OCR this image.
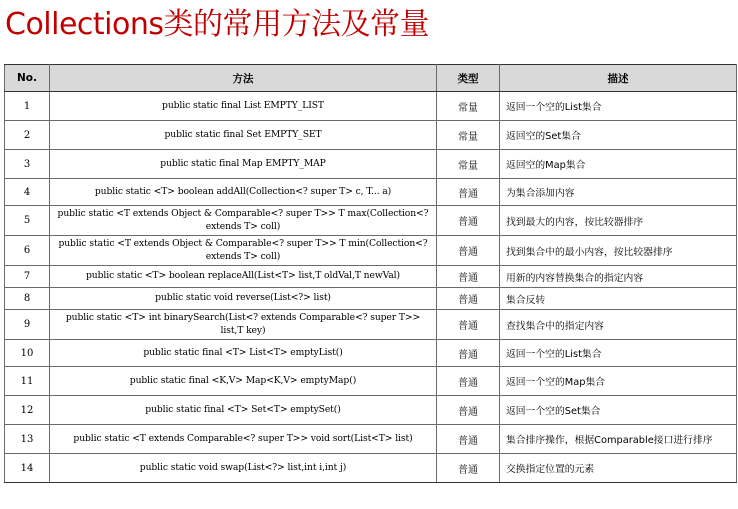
Collections类的常用方法及常量
No.	方法	类型	描述
1	public static final List EMPTY_LIST	常量	返回一个空的List集合
2	public static final Set EMPTY_SET	常量	返回空的Set集合
3	public static final Map EMPTY_MAP	常量	返回空的Map集合
4	public static <T> boolean addAll(Collection<? super T> c, T... a)	普通	为集合添加内容
5	public static <T extends Object & Comparable<? super T>> T max(Collection<? extends T> coll)	普通	找到最大的内容，按比较器排序
6	public static <T extends Object & Comparable<? super T>> T min(Collection<? extends T> coll)	普通	找到集合中的最小内容，按比较器排序
7	public static <T> boolean replaceAll(List<T> list,T oldVal,T newVal)	普通	用新的内容替换集合的指定内容
8	public static void reverse(List<?> list)	普通	集合反转
9	public static <T> int binarySearch(List<? extends Comparable<? super T>> list,T key)	普通	查找集合中的指定内容
10	public static final <T> List<T> emptyList()	普通	返回一个空的List集合
11	public static final <K,V> Map<K,V> emptyMap()	普通	返回一个空的Map集合
12	public static final <T> Set<T> emptySet()	普通	返回一个空的Set集合
13	public static <T extends Comparable<? super T>> void sort(List<T> list)	普通	集合排序操作，根据Comparable接口进行排序
14	public static void swap(List<?> list,int i,int j)	普通	交换指定位置的元素
